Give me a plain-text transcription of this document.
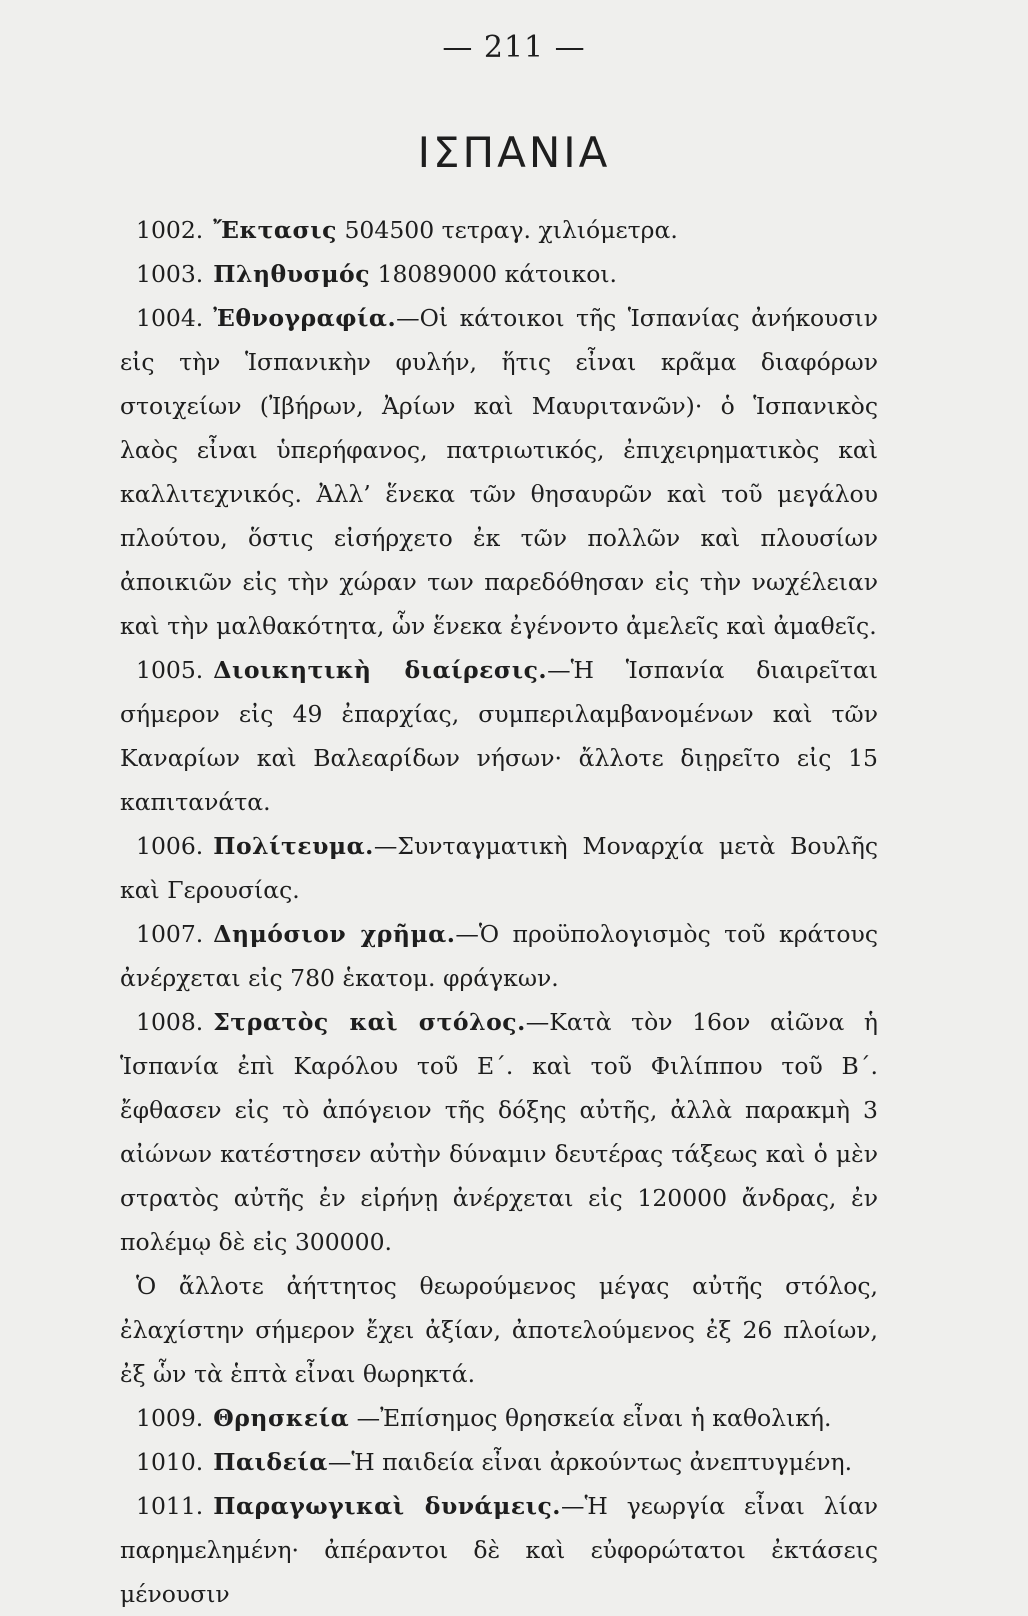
— 211 —
ΙΣΠΑΝΙΑ

1002. Ἔκτασις 504500 τετραγ. χιλιόμετρα.

1003. Πληθυσμός 18089000 κάτοικοι.

1004. Ἐθνογραφία.—Οἱ κάτοικοι τῆς Ἱσπανίας ἀνήκουσιν εἰς τὴν Ἱσπανικὴν φυλήν, ἥτις εἶναι κρᾶμα διαφόρων στοιχείων (Ἰβήρων, Ἀρίων καὶ Μαυριτανῶν)· ὁ Ἱσπανικὸς λαὸς εἶναι ὑπερήφανος, πατριωτικός, ἐπιχειρηματικὸς καὶ καλλιτεχνικός. Ἀλλ’ ἕνεκα τῶν θησαυρῶν καὶ τοῦ μεγάλου πλούτου, ὅστις εἰσήρχετο ἐκ τῶν πολλῶν καὶ πλουσίων ἀποικιῶν εἰς τὴν χώραν των παρεδόθησαν εἰς τὴν νωχέλειαν καὶ τὴν μαλθακότητα, ὧν ἕνεκα ἐγένοντο ἀμελεῖς καὶ ἀμαθεῖς.

1005. Διοικητικὴ διαίρεσις.—Ἡ Ἱσπανία διαιρεῖται σήμερον εἰς 49 ἐπαρχίας, συμπεριλαμβανομένων καὶ τῶν Καναρίων καὶ Βαλεαρίδων νήσων· ἄλλοτε διῃρεῖτο εἰς 15 καπιτανάτα.

1006. Πολίτευμα.—Συνταγματικὴ Μοναρχία μετὰ Βουλῆς καὶ Γερουσίας.

1007. Δημόσιον χρῆμα.—Ὁ προϋπολογισμὸς τοῦ κράτους ἀνέρχεται εἰς 780 ἑκατομ. φράγκων.

1008. Στρατὸς καὶ στόλος.—Κατὰ τὸν 16ον αἰῶνα ἡ Ἱσπανία ἐπὶ Καρόλου τοῦ Ε΄. καὶ τοῦ Φιλίππου τοῦ Β΄. ἔφθασεν εἰς τὸ ἀπόγειον τῆς δόξης αὐτῆς, ἀλλὰ παρακμὴ 3 αἰώνων κατέστησεν αὐτὴν δύναμιν δευτέρας τάξεως καὶ ὁ μὲν στρατὸς αὐτῆς ἐν εἰρήνῃ ἀνέρχεται εἰς 120000 ἄνδρας, ἐν πολέμῳ δὲ εἰς 300000.

Ὁ ἄλλοτε ἀήττητος θεωρούμενος μέγας αὐτῆς στόλος, ἐλαχίστην σήμερον ἔχει ἀξίαν, ἀποτελούμενος ἐξ 26 πλοίων, ἐξ ὧν τὰ ἑπτὰ εἶναι θωρηκτά.

1009. Θρησκεία —Ἐπίσημος θρησκεία εἶναι ἡ καθολική.

1010. Παιδεία—Ἡ παιδεία εἶναι ἀρκούντως ἀνεπτυγμένη.

1011. Παραγωγικαὶ δυνάμεις.—Ἡ γεωργία εἶναι λίαν παρημελημένη· ἀπέραντοι δὲ καὶ εὐφορώτατοι ἐκτάσεις μένουσιν
